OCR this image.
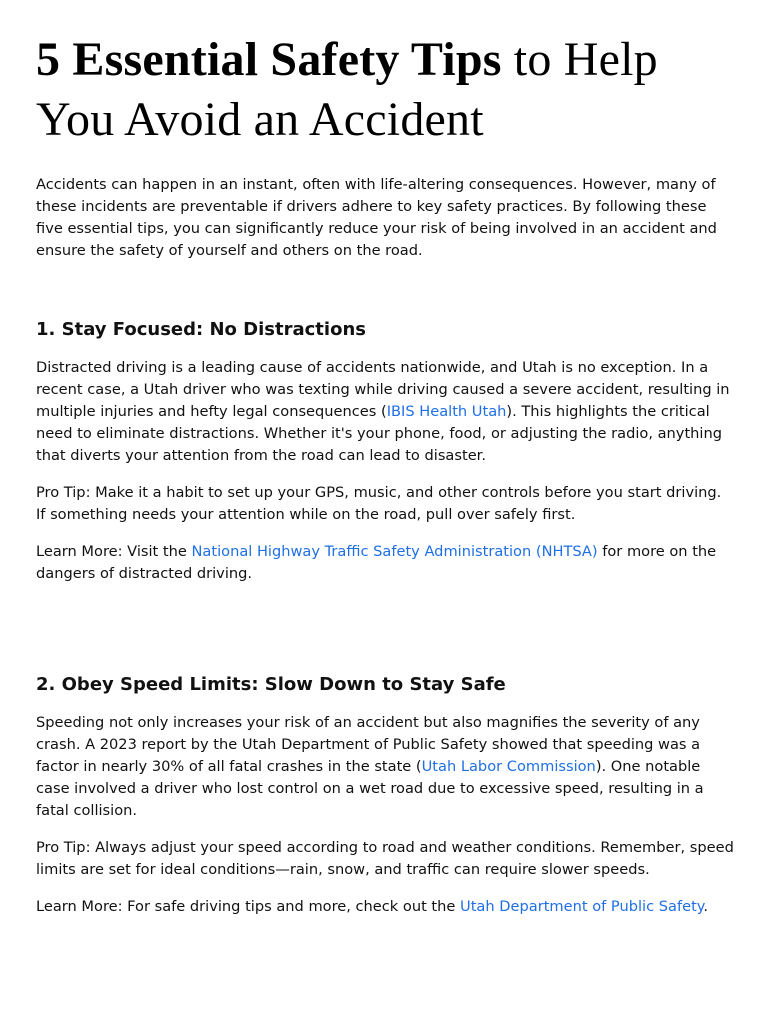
5 Essential Safety Tips to Help You Avoid an Accident

Accidents can happen in an instant, often with life-altering consequences. However, many of these incidents are preventable if drivers adhere to key safety practices. By following these five essential tips, you can significantly reduce your risk of being involved in an accident and ensure the safety of yourself and others on the road.

1. Stay Focused: No Distractions

Distracted driving is a leading cause of accidents nationwide, and Utah is no exception. In a recent case, a Utah driver who was texting while driving caused a severe accident, resulting in multiple injuries and hefty legal consequences (IBIS Health Utah). This highlights the critical need to eliminate distractions. Whether it's your phone, food, or adjusting the radio, anything that diverts your attention from the road can lead to disaster.

Pro Tip: Make it a habit to set up your GPS, music, and other controls before you start driving. If something needs your attention while on the road, pull over safely first.

Learn More: Visit the National Highway Traffic Safety Administration (NHTSA) for more on the dangers of distracted driving.

2. Obey Speed Limits: Slow Down to Stay Safe

Speeding not only increases your risk of an accident but also magnifies the severity of any crash. A 2023 report by the Utah Department of Public Safety showed that speeding was a factor in nearly 30% of all fatal crashes in the state (Utah Labor Commission). One notable case involved a driver who lost control on a wet road due to excessive speed, resulting in a fatal collision.

Pro Tip: Always adjust your speed according to road and weather conditions. Remember, speed limits are set for ideal conditions—rain, snow, and traffic can require slower speeds.

Learn More: For safe driving tips and more, check out the Utah Department of Public Safety.
